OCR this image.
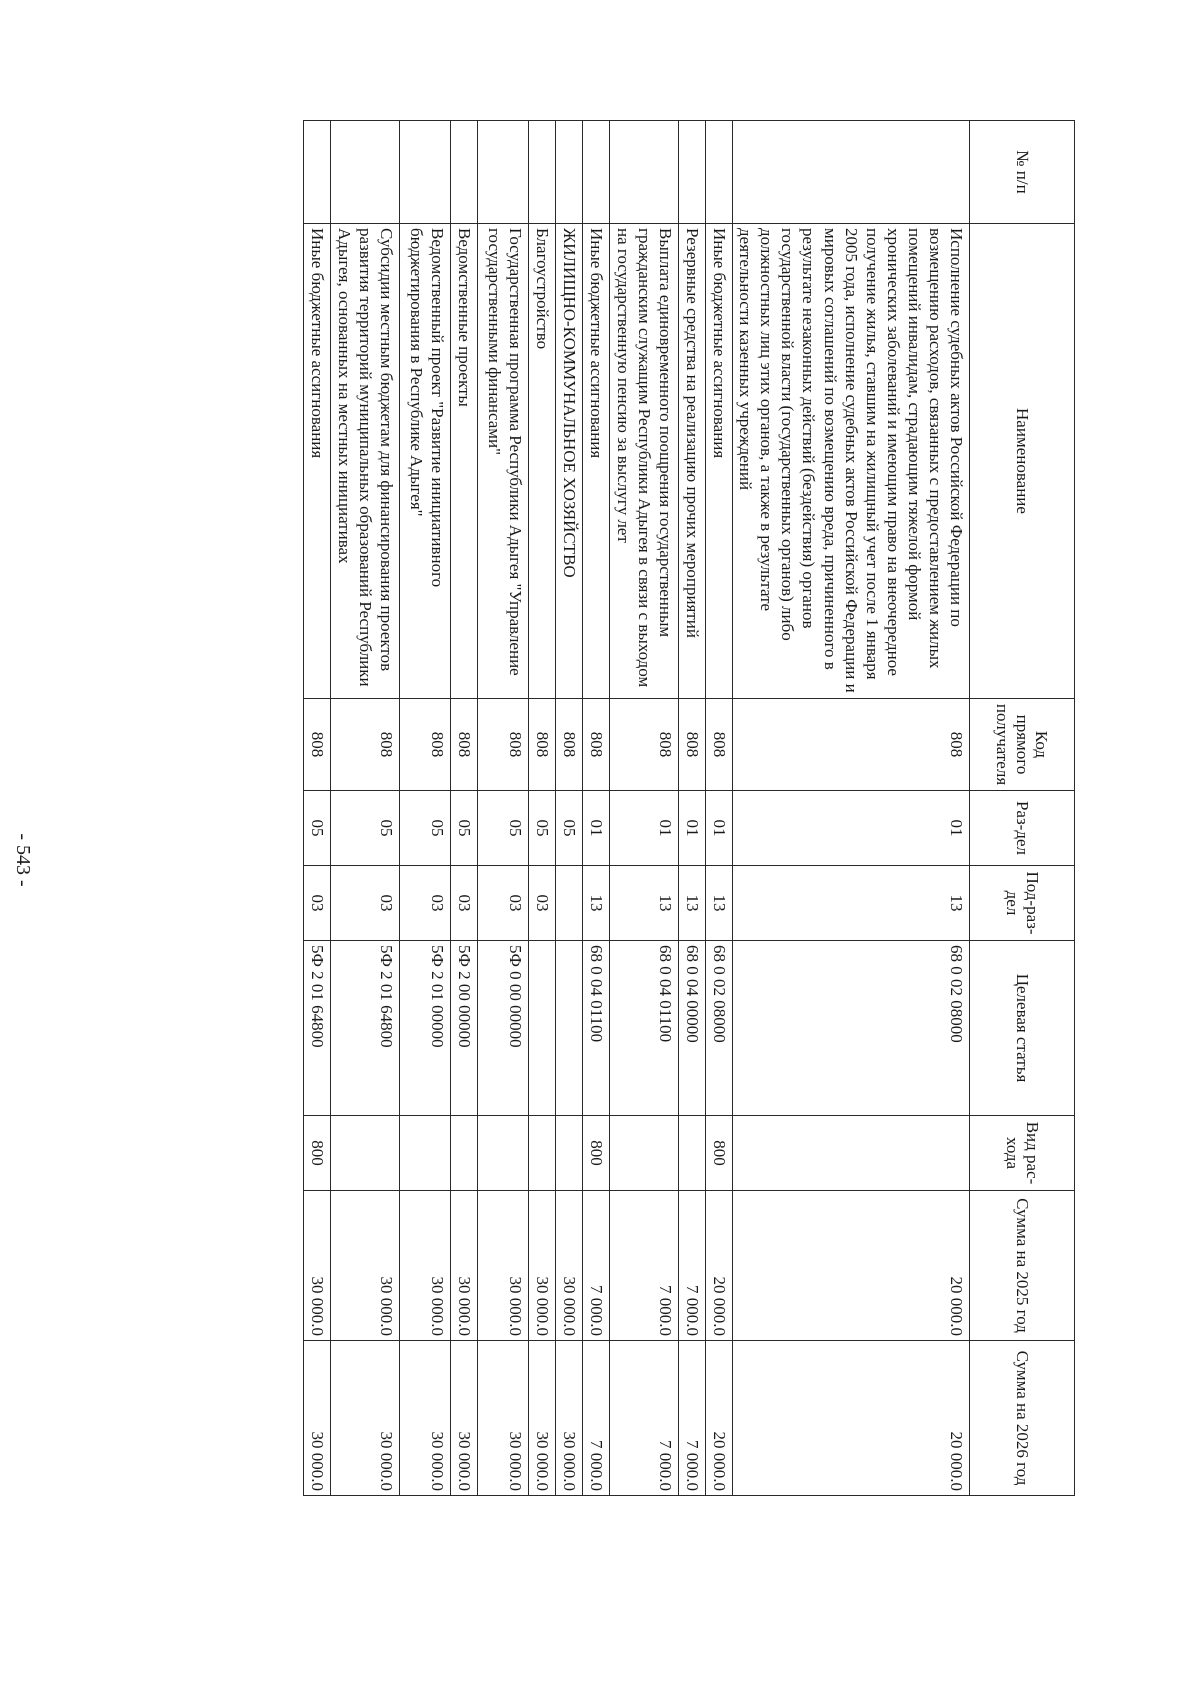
- 543 -
№ п/п	Наименование	Код прямого получателя	Раз-дел	Под-раз-дел	Целевая статья	Вид рас-хода	Сумма на 2025 год	Сумма на 2026 год
	Исполнение судебных актов Российской Федерации по возмещению расходов, связанных с предоставлением жилых помещений инвалидам, страдающим тяжелой формой хронических заболеваний и имеющим право на внеочередное получение жилья, ставшим на жилищный учет после 1 января 2005 года, исполнение судебных актов Российской Федерации и мировых соглашений по возмещению вреда, причиненного в результате незаконных действий (бездействия) органов государственной власти (государственных органов) либо должностных лиц этих органов, а также в результате деятельности казенных учреждений	808	01	13	68 0 02 08000		20 000.0	20 000.0
	Иные бюджетные ассигнования	808	01	13	68 0 02 08000	800	20 000.0	20 000.0
	Резервные средства на реализацию прочих мероприятий	808	01	13	68 0 04 00000		7 000.0	7 000.0
	Выплата единовременного поощрения государственным гражданским служащим Республики Адыгея в связи с выходом на государственную пенсию за выслугу лет	808	01	13	68 0 04 01100		7 000.0	7 000.0
	Иные бюджетные ассигнования	808	01	13	68 0 04 01100	800	7 000.0	7 000.0
	ЖИЛИЩНО-КОММУНАЛЬНОЕ ХОЗЯЙСТВО	808	05				30 000.0	30 000.0
	Благоустройство	808	05	03			30 000.0	30 000.0
	Государственная программа Республики Адыгея "Управление государственными финансами"	808	05	03	5Ф 0 00 00000		30 000.0	30 000.0
	Ведомственные проекты	808	05	03	5Ф 2 00 00000		30 000.0	30 000.0
	Ведомственный проект "Развитие инициативного бюджетирования в Республике Адыгея"	808	05	03	5Ф 2 01 00000		30 000.0	30 000.0
	Субсидии местным бюджетам для финансирования проектов развития территорий муниципальных образований Республики Адыгея, основанных на местных инициативах	808	05	03	5Ф 2 01 64800		30 000.0	30 000.0
	Иные бюджетные ассигнования	808	05	03	5Ф 2 01 64800	800	30 000.0	30 000.0
